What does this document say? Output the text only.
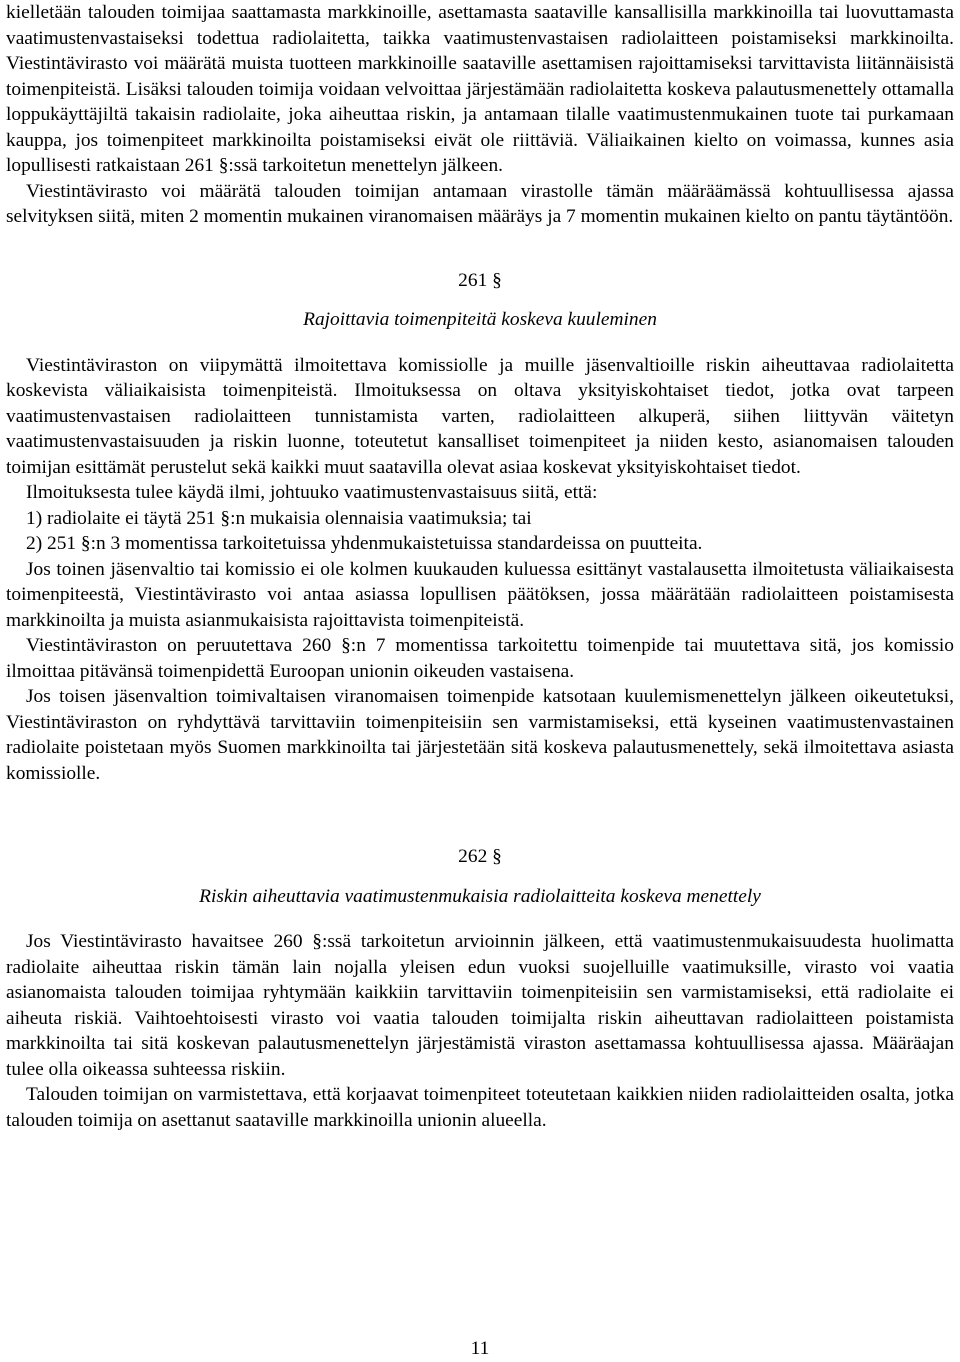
kielletään talouden toimijaa saattamasta markkinoille, asettamasta saataville kansallisilla markkinoilla tai luovuttamasta vaatimustenvastaiseksi todettua radiolaitetta, taikka vaatimustenvastaisen radiolaitteen poistamiseksi markkinoilta. Viestintävirasto voi määrätä muista tuotteen markkinoille saataville asettamisen rajoittamiseksi tarvittavista liitännäisistä toimenpiteistä. Lisäksi talouden toimija voidaan velvoittaa järjestämään radiolaitetta koskeva palautusmenettely ottamalla loppukäyttäjiltä takaisin radiolaite, joka aiheuttaa riskin, ja antamaan tilalle vaatimustenmukainen tuote tai purkamaan kauppa, jos toimenpiteet markkinoilta poistamiseksi eivät ole riittäviä. Väliaikainen kielto on voimassa, kunnes asia lopullisesti ratkaistaan 261 §:ssä tarkoitetun menettelyn jälkeen.

Viestintävirasto voi määrätä talouden toimijan antamaan virastolle tämän määräämässä kohtuullisessa ajassa selvityksen siitä, miten 2 momentin mukainen viranomaisen määräys ja 7 momentin mukainen kielto on pantu täytäntöön.

261 §

Rajoittavia toimenpiteitä koskeva kuuleminen

Viestintäviraston on viipymättä ilmoitettava komissiolle ja muille jäsenvaltioille riskin aiheuttavaa radiolaitetta koskevista väliaikaisista toimenpiteistä. Ilmoituksessa on oltava yksityiskohtaiset tiedot, jotka ovat tarpeen vaatimustenvastaisen radiolaitteen tunnistamista varten, radiolaitteen alkuperä, siihen liittyvän väitetyn vaatimustenvastaisuuden ja riskin luonne, toteutetut kansalliset toimenpiteet ja niiden kesto, asianomaisen talouden toimijan esittämät perustelut sekä kaikki muut saatavilla olevat asiaa koskevat yksityiskohtaiset tiedot.

Ilmoituksesta tulee käydä ilmi, johtuuko vaatimustenvastaisuus siitä, että:

1) radiolaite ei täytä 251 §:n mukaisia olennaisia vaatimuksia; tai

2) 251 §:n 3 momentissa tarkoitetuissa yhdenmukaistetuissa standardeissa on puutteita.

Jos toinen jäsenvaltio tai komissio ei ole kolmen kuukauden kuluessa esittänyt vastalausetta ilmoitetusta väliaikaisesta toimenpiteestä, Viestintävirasto voi antaa asiassa lopullisen päätöksen, jossa määrätään radiolaitteen poistamisesta markkinoilta ja muista asianmukaisista rajoittavista toimenpiteistä.

Viestintäviraston on peruutettava 260 §:n 7 momentissa tarkoitettu toimenpide tai muutettava sitä, jos komissio ilmoittaa pitävänsä toimenpidettä Euroopan unionin oikeuden vastaisena.

Jos toisen jäsenvaltion toimivaltaisen viranomaisen toimenpide katsotaan kuulemismenettelyn jälkeen oikeutetuksi, Viestintäviraston on ryhdyttävä tarvittaviin toimenpiteisiin sen varmistamiseksi, että kyseinen vaatimustenvastainen radiolaite poistetaan myös Suomen markkinoilta tai järjestetään sitä koskeva palautusmenettely, sekä ilmoitettava asiasta komissiolle.

262 §

Riskin aiheuttavia vaatimustenmukaisia radiolaitteita koskeva menettely

Jos Viestintävirasto havaitsee 260 §:ssä tarkoitetun arvioinnin jälkeen, että vaatimustenmukaisuudesta huolimatta radiolaite aiheuttaa riskin tämän lain nojalla yleisen edun vuoksi suojelluille vaatimuksille, virasto voi vaatia asianomaista talouden toimijaa ryhtymään kaikkiin tarvittaviin toimenpiteisiin sen varmistamiseksi, että radiolaite ei aiheuta riskiä. Vaihtoehtoisesti virasto voi vaatia talouden toimijalta riskin aiheuttavan radiolaitteen poistamista markkinoilta tai sitä koskevan palautusmenettelyn järjestämistä viraston asettamassa kohtuullisessa ajassa. Määräajan tulee olla oikeassa suhteessa riskiin.

Talouden toimijan on varmistettava, että korjaavat toimenpiteet toteutetaan kaikkien niiden radiolaitteiden osalta, jotka talouden toimija on asettanut saataville markkinoilla unionin alueella.

11
